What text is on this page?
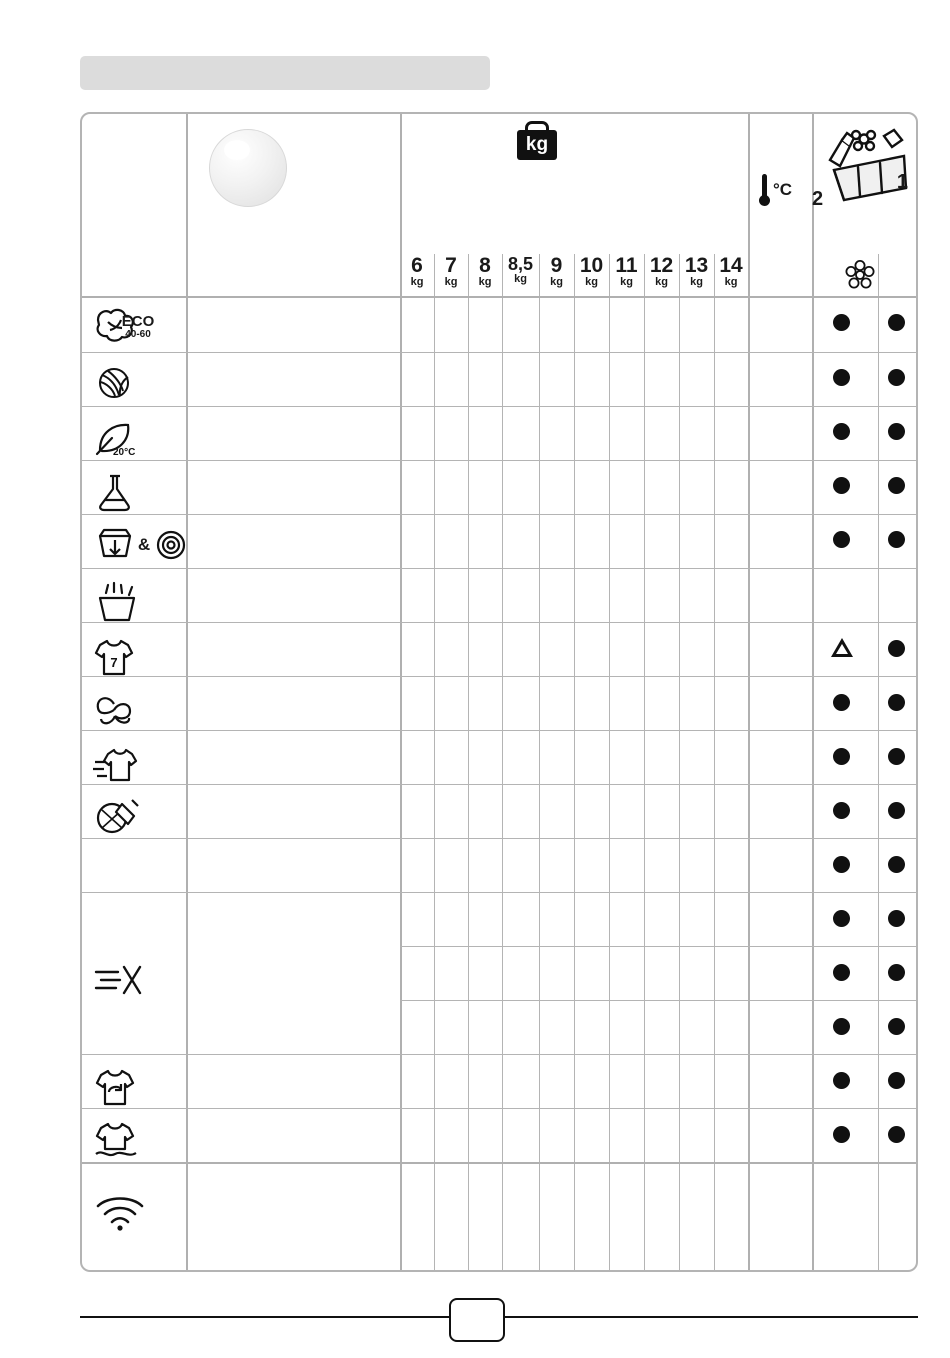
kg
°C	1
2
6
kg
7
kg
8
kg
8,5
kg
9
kg
10
kg
11
kg
12
kg
13
kg
14
kg
ECO
40-60
20°C
&
7
